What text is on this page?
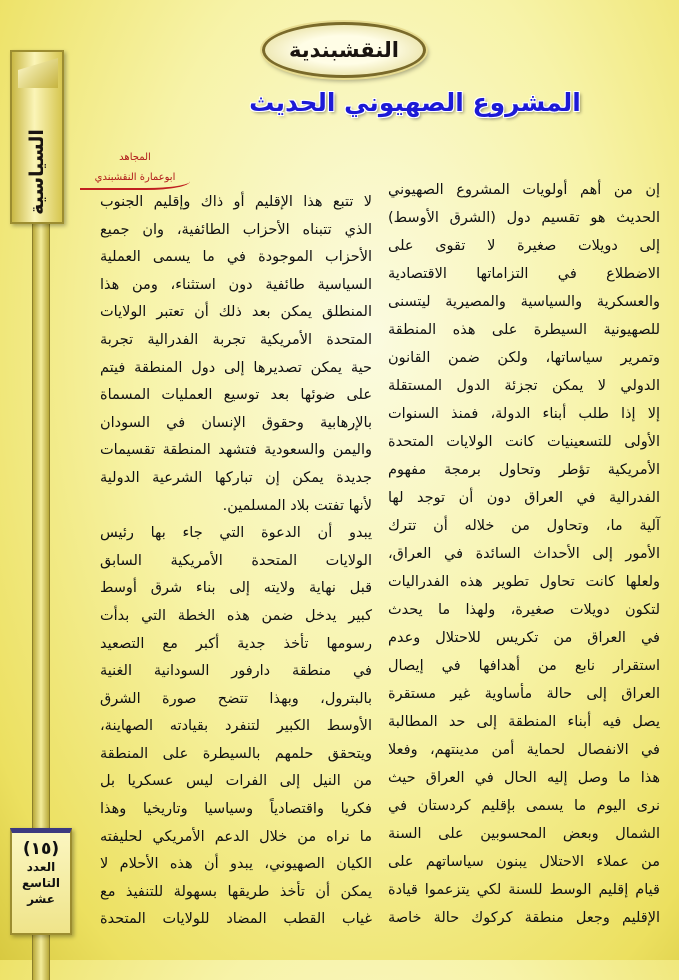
السياسية
(١٥)
العدد
التاسع
عشر
النقشبندية
المشروع الصهيوني الحديث
المجاهد
ابوعمارة النقشبندي
إن من أهم أولويات المشروع الصهيوني
الحديث هو تقسيم دول (الشرق الأوسط)
إلى دويلات صغيرة لا تقوى على
الاضطلاع في التزاماتها الاقتصادية
والعسكرية والسياسية والمصيرية ليتسنى
للصهيونية السيطرة على هذه المنطقة
وتمرير سياساتها، ولكن ضمن القانون
الدولي لا يمكن تجزئة الدول المستقلة
إلا إذا طلب أبناء الدولة، فمنذ السنوات
الأولى للتسعينيات كانت الولايات المتحدة
الأمريكية تؤطر وتحاول برمجة مفهوم
الفدرالية في العراق دون أن توجد لها
آلية ما، وتحاول من خلاله أن تترك
الأمور إلى الأحداث السائدة في العراق،
ولعلها كانت تحاول تطوير هذه الفدراليات
لتكون دويلات صغيرة، ولهذا ما يحدث
في العراق من تكريس للاحتلال وعدم
استقرار نابع من أهدافها في إيصال
العراق إلى حالة مأساوية غير مستقرة
يصل فيه أبناء المنطقة إلى حد المطالبة
في الانفصال لحماية أمن مدينتهم، وفعلا
هذا ما وصل إليه الحال في العراق حيث
نرى اليوم ما يسمى بإقليم كردستان في
الشمال وبعض المحسوبين على السنة
من عملاء الاحتلال يبنون سياساتهم على
قيام إقليم الوسط للسنة لكي يتزعموا قيادة
الإقليم وجعل منطقة كركوك حالة خاصة
لا تتبع هذا الإقليم أو ذاك وإقليم الجنوب
الذي تتبناه الأحزاب الطائفية، وان جميع
الأحزاب الموجودة في ما يسمى العملية
السياسية طائفية دون استثناء، ومن هذا
المنطلق يمكن بعد ذلك أن تعتبر الولايات
المتحدة الأمريكية تجربة الفدرالية تجربة
حية يمكن تصديرها إلى دول المنطقة فيتم
على ضوئها بعد توسيع العمليات المسماة
بالإرهابية وحقوق الإنسان في السودان
واليمن والسعودية فتشهد المنطقة تقسيمات
جديدة يمكن إن تباركها الشرعية الدولية
لأنها تفتت بلاد المسلمين.
يبدو أن الدعوة التي جاء بها رئيس
الولايات المتحدة الأمريكية السابق
قبل نهاية ولايته إلى بناء شرق أوسط
كبير يدخل ضمن هذه الخطة التي بدأت
رسومها تأخذ جدية أكبر مع التصعيد
في منطقة دارفور السودانية الغنية
بالبترول، وبهذا تتضح صورة الشرق
الأوسط الكبير لتنفرد بقيادته الصهاينة،
ويتحقق حلمهم بالسيطرة على المنطقة
من النيل إلى الفرات ليس عسكريا بل
فكريا واقتصادياً وسياسيا وتاريخيا وهذا
ما نراه من خلال الدعم الأمريكي لحليفته
الكيان الصهيوني، يبدو أن هذه الأحلام لا
يمكن أن تأخذ طريقها بسهولة للتنفيذ مع
غياب القطب المضاد للولايات المتحدة
